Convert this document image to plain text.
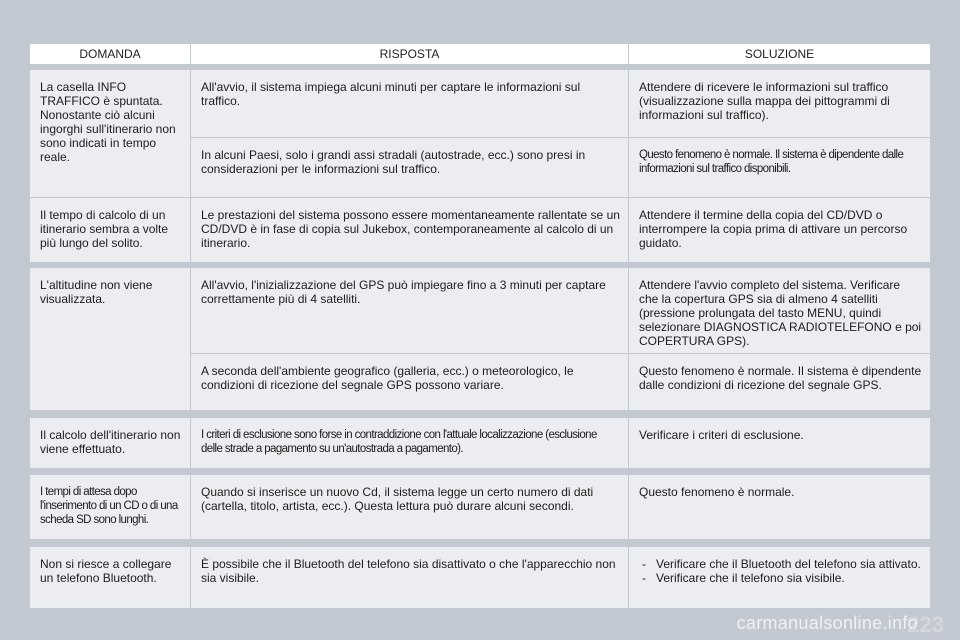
DOMANDA	RISPOSTA	SOLUZIONE
La casella INFO TRAFFICO è spuntata. Nonostante ciò alcuni ingorghi sull'itinerario non sono indicati in tempo reale.
All'avvio, il sistema impiega alcuni minuti per captare le informazioni sul traffico.
Attendere di ricevere le informazioni sul traffico (visualizzazione sulla mappa dei pittogrammi di informazioni sul traffico).
In alcuni Paesi, solo i grandi assi stradali (autostrade, ecc.) sono presi in considerazioni per le informazioni sul traffico.
Questo fenomeno è normale. Il sistema è dipendente dalle informazioni sul traffico disponibili.
Il tempo di calcolo di un itinerario sembra a volte più lungo del solito.
Le prestazioni del sistema possono essere momentaneamente rallentate se un CD/DVD è in fase di copia sul Jukebox, contemporaneamente al calcolo di un itinerario.
Attendere il termine della copia del CD/DVD o interrompere la copia prima di attivare un percorso guidato.
L'altitudine non viene visualizzata.
All'avvio, l'inizializzazione del GPS può impiegare fino a 3 minuti per captare correttamente più di 4 satelliti.
Attendere l'avvio completo del sistema. Verificare che la copertura GPS sia di almeno 4 satelliti (pressione prolungata del tasto MENU, quindi selezionare DIAGNOSTICA RADIOTELEFONO e poi COPERTURA GPS).
A seconda dell'ambiente geografico (galleria, ecc.) o meteorologico, le condizioni di ricezione del segnale GPS possono variare.
Questo fenomeno è normale. Il sistema è dipendente dalle condizioni di ricezione del segnale GPS.
Il calcolo dell'itinerario non viene effettuato.
I criteri di esclusione sono forse in contraddizione con l'attuale localizzazione (esclusione delle strade a pagamento su un'autostrada a pagamento).
Verificare i criteri di esclusione.
I tempi di attesa dopo l'inserimento di un CD o di una scheda SD sono lunghi.
Quando si inserisce un nuovo Cd, il sistema legge un certo numero di dati (cartella, titolo, artista, ecc.). Questa lettura può durare alcuni secondi.
Questo fenomeno è normale.
Non si riesce a collegare un telefono Bluetooth.
È possibile che il Bluetooth del telefono sia disattivato o che l'apparecchio non sia visibile.
- Verificare che il Bluetooth del telefono sia attivato.
- Verificare che il telefono sia visibile.
223
carmanualsonline.info
